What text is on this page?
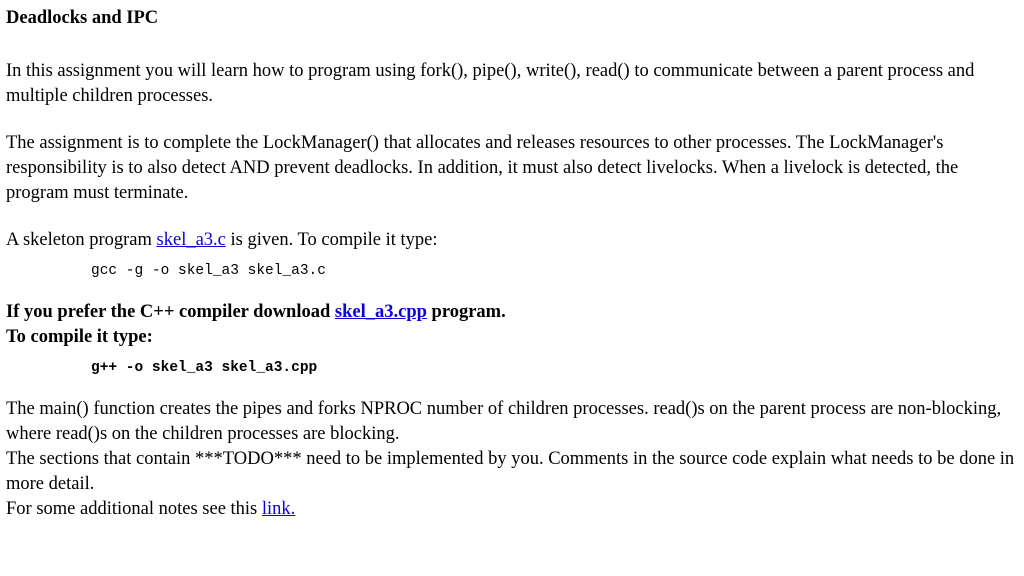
Deadlocks and IPC

In this assignment you will learn how to program using fork(), pipe(), write(), read() to communicate between a parent process and multiple children processes.

The assignment is to complete the LockManager() that allocates and releases resources to other processes. The LockManager's responsibility is to also detect AND prevent deadlocks. In addition, it must also detect livelocks. When a livelock is detected, the program must terminate.

A skeleton program skel_a3.c is given. To compile it type:

gcc -g -o skel_a3 skel_a3.c

If you prefer the C++ compiler download skel_a3.cpp program.
To compile it type:

g++ -o skel_a3 skel_a3.cpp

The main() function creates the pipes and forks NPROC number of children processes. read()s on the parent process are non-blocking, where read()s on the children processes are blocking.
The sections that contain ***TODO*** need to be implemented by you. Comments in the source code explain what needs to be done in more detail.
For some additional notes see this link.
